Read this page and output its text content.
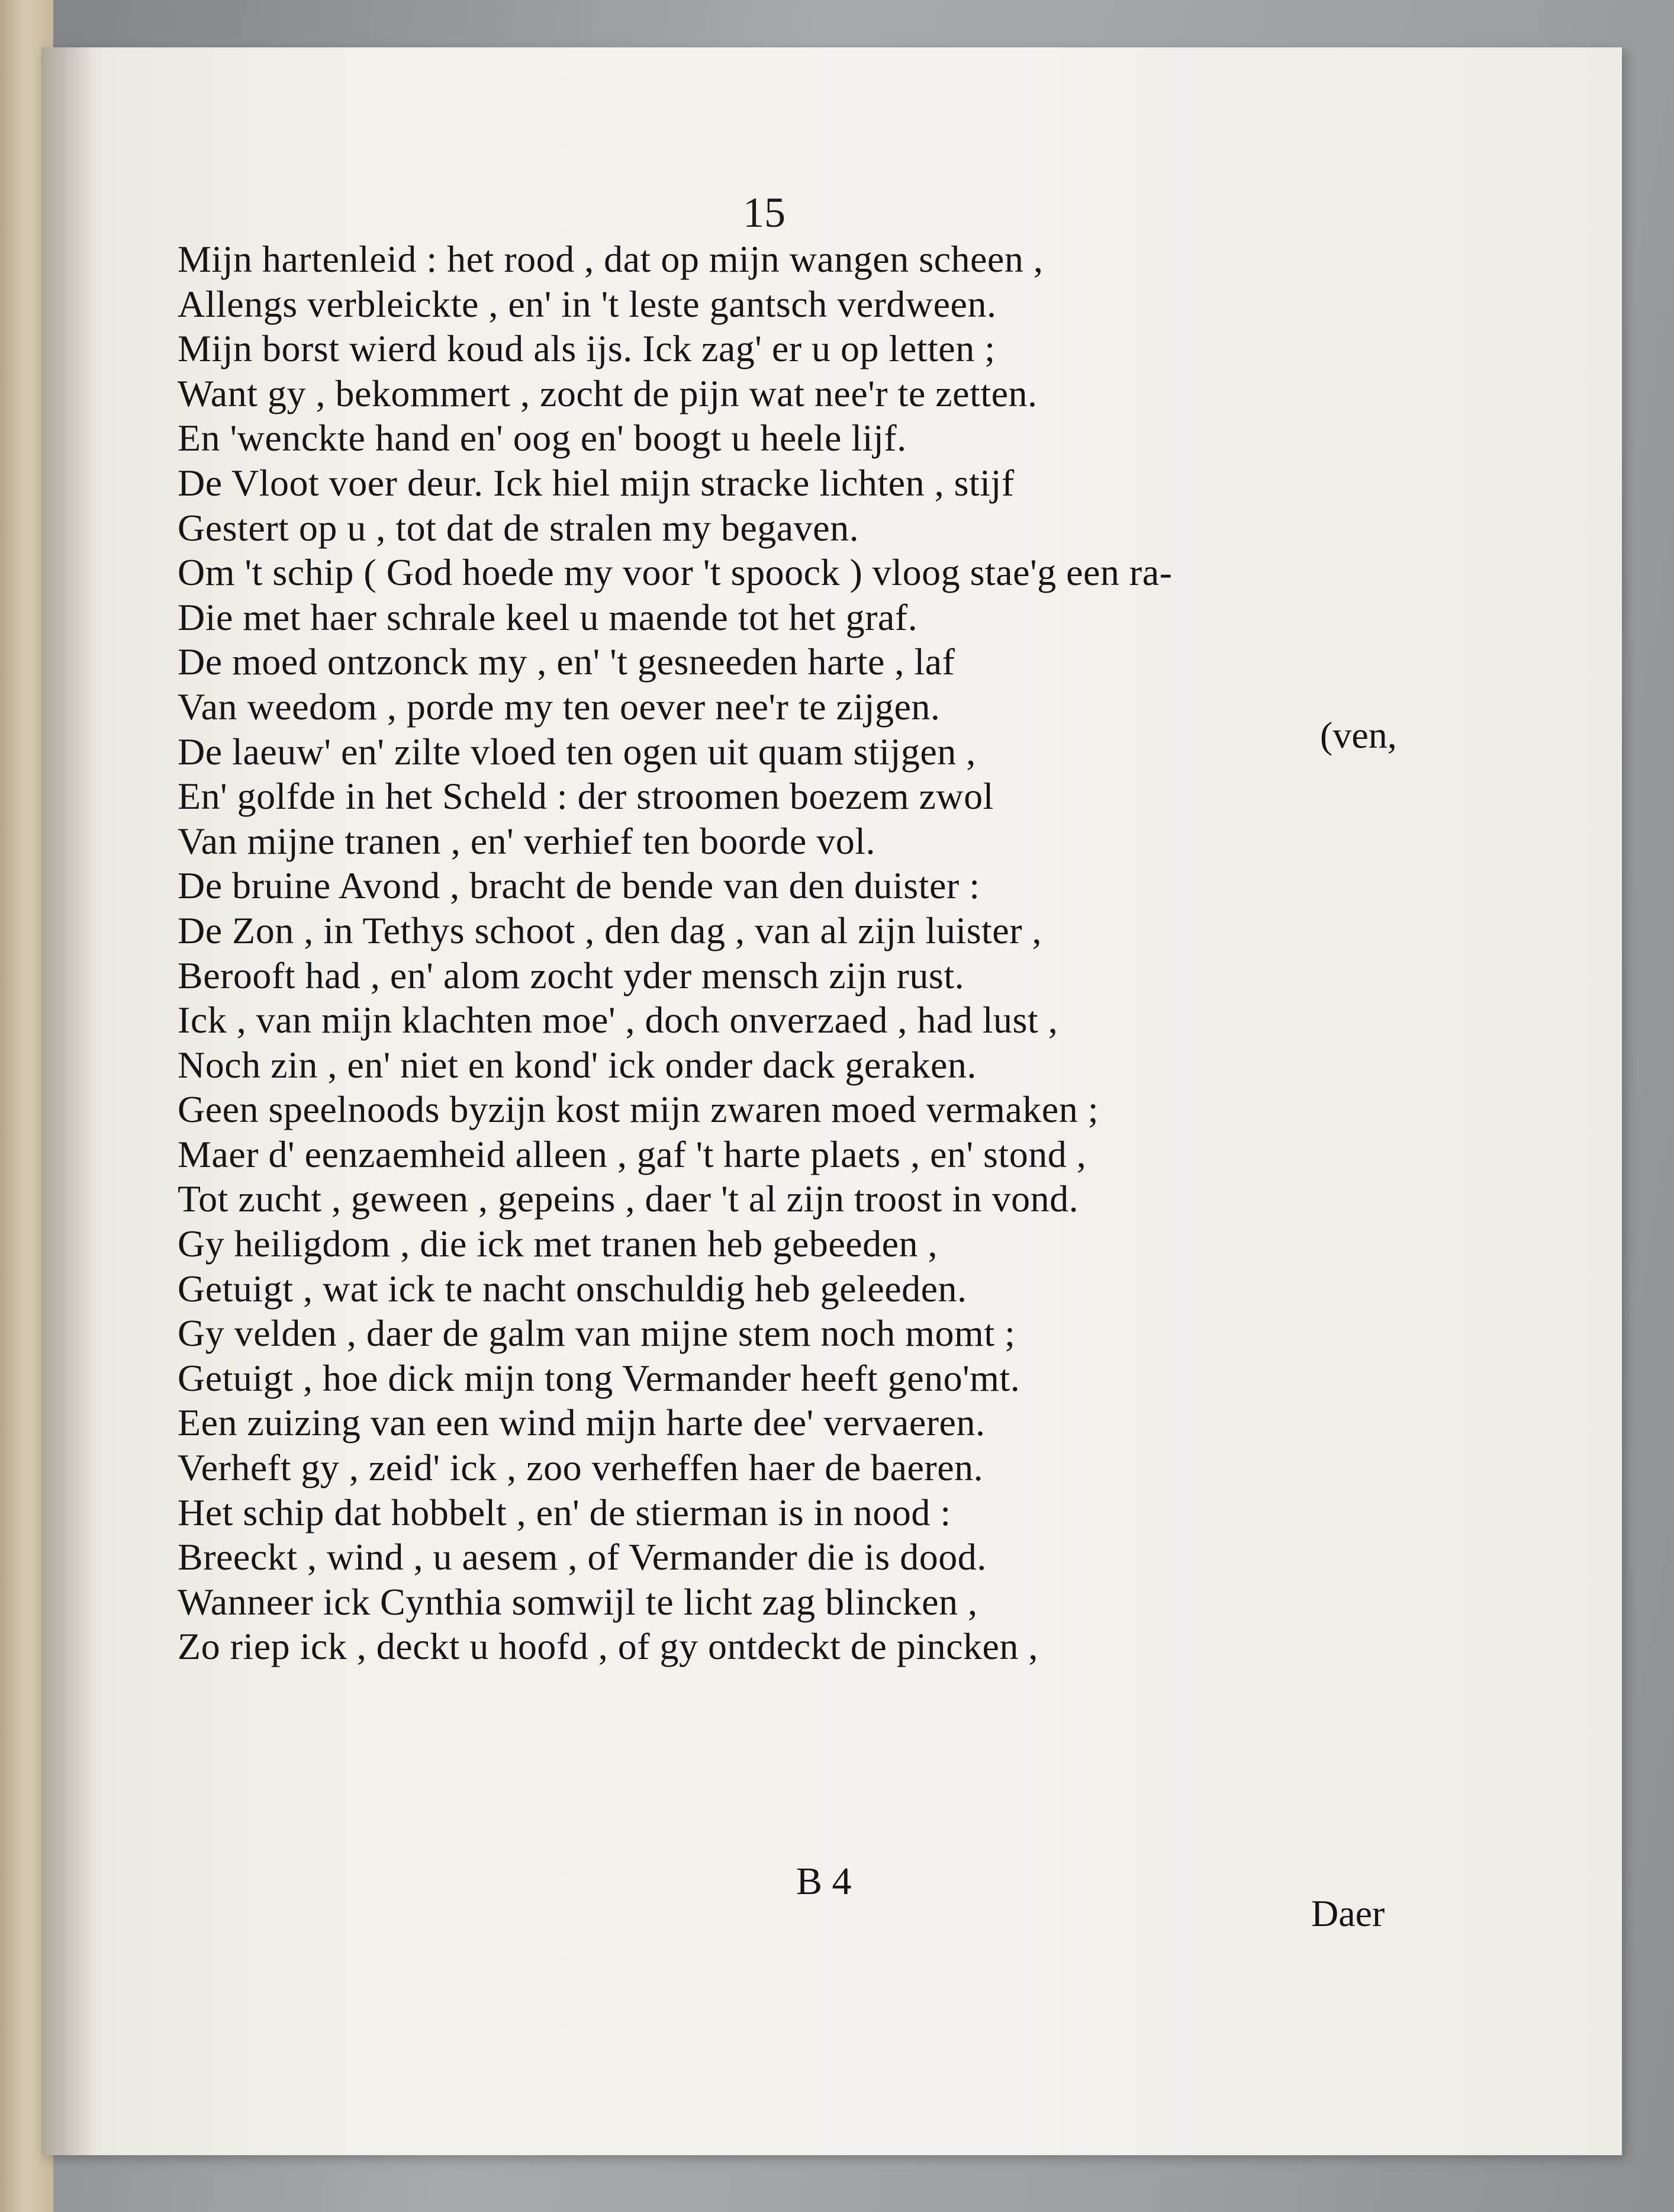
15
Mijn hartenleid : het rood , dat op mijn wangen scheen ,
Allengs verbleickte , en' in 't leste gantsch verdween.
Mijn borst wierd koud als ijs. Ick zag' er u op letten ;
Want gy , bekommert , zocht de pijn wat nee'r te zetten.
En 'wenckte hand en' oog en' boogt u heele lijf.
De Vloot voer deur. Ick hiel mijn stracke lichten , stijf
Gestert op u , tot dat de stralen my begaven.
Om 't schip ( God hoede my voor 't spoock ) vloog stae'g een ra-
Die met haer schrale keel u maende tot het graf.
De moed ontzonck my , en' 't gesneeden harte , laf
Van weedom , porde my ten oever nee'r te zijgen.
De laeuw' en' zilte vloed ten ogen uit quam stijgen ,
En' golfde in het Scheld : der stroomen boezem zwol
Van mijne tranen , en' verhief ten boorde vol.
De bruine Avond , bracht de bende van den duister :
De Zon , in Tethys schoot , den dag , van al zijn luister ,
Berooft had , en' alom zocht yder mensch zijn rust.
Ick , van mijn klachten moe' , doch onverzaed , had lust ,
Noch zin , en' niet en kond' ick onder dack geraken.
Geen speelnoods byzijn kost mijn zwaren moed vermaken ;
Maer d' eenzaemheid alleen , gaf 't harte plaets , en' stond ,
Tot zucht , geween , gepeins , daer 't al zijn troost in vond.
Gy heiligdom , die ick met tranen heb gebeeden ,
Getuigt , wat ick te nacht onschuldig heb geleeden.
Gy velden , daer de galm van mijne stem noch momt ;
Getuigt , hoe dick mijn tong Vermander heeft geno'mt.
Een zuizing van een wind mijn harte dee' vervaeren.
Verheft gy , zeid' ick , zoo verheffen haer de baeren.
Het schip dat hobbelt , en' de stierman is in nood :
Breeckt , wind , u aesem , of Vermander die is dood.
Wanneer ick Cynthia somwijl te licht zag blincken ,
Zo riep ick , deckt u hoofd , of gy ontdeckt de pincken ,
(ven,
B 4
Daer
